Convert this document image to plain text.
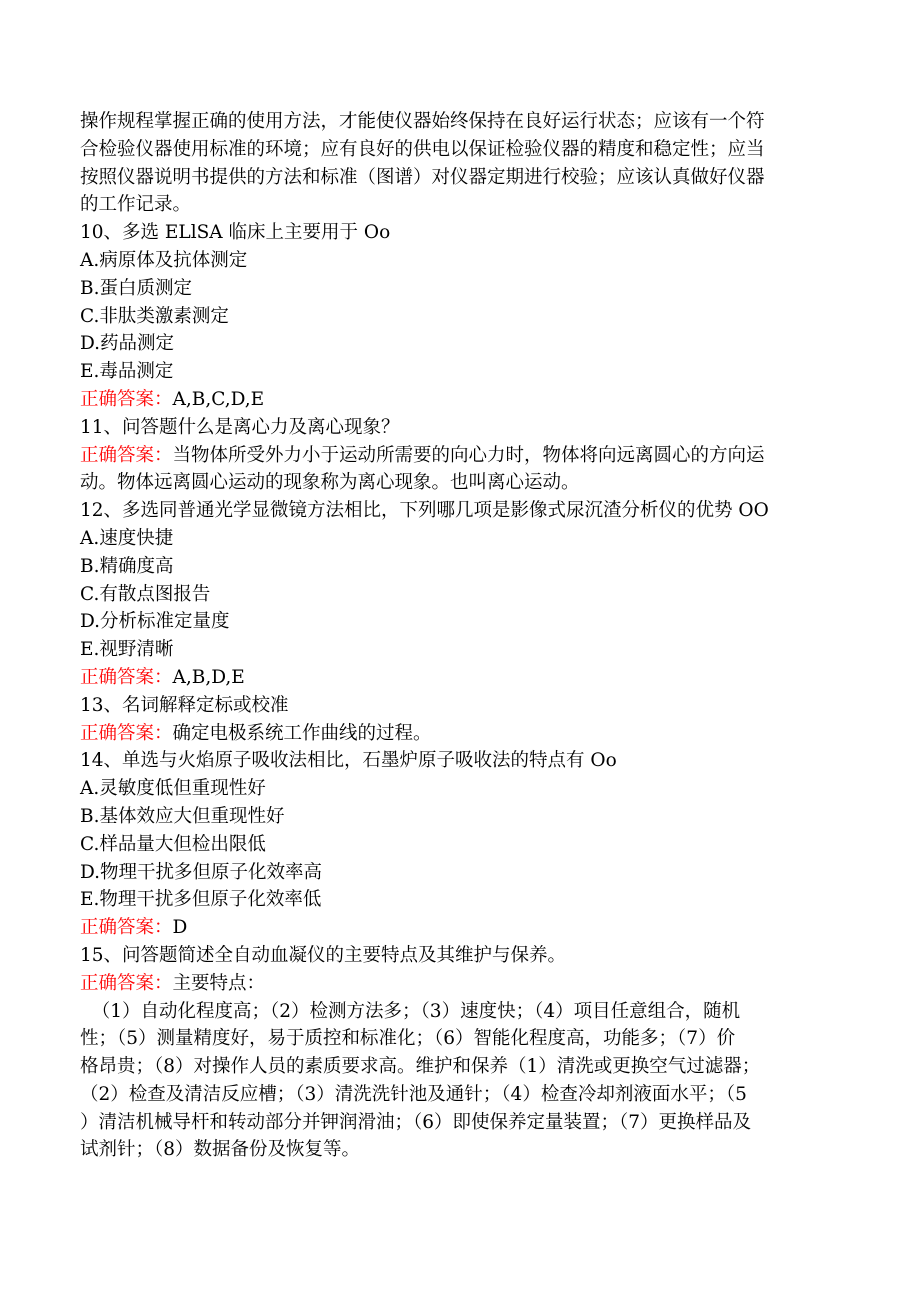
操作规程掌握正确的使用方法，才能使仪器始终保持在良好运行状态；应该有一个符
合检验仪器使用标准的环境；应有良好的供电以保证检验仪器的精度和稳定性；应当
按照仪器说明书提供的方法和标准（图谱）对仪器定期进行校验；应该认真做好仪器
的工作记录。
10、多选 ELlSA 临床上主要用于 Oo
A.病原体及抗体测定
B.蛋白质测定
C.非肽类激素测定
D.药品测定
E.毒品测定
正确答案：A,B,C,D,E
11、问答题什么是离心力及离心现象？
正确答案：当物体所受外力小于运动所需要的向心力时，物体将向远离圆心的方向运
动。物体远离圆心运动的现象称为离心现象。也叫离心运动。
12、多选同普通光学显微镜方法相比，下列哪几项是影像式尿沉渣分析仪的优势 OO
A.速度快捷
B.精确度高
C.有散点图报告
D.分析标准定量度
E.视野清晰
正确答案：A,B,D,E
13、名词解释定标或校准
正确答案：确定电极系统工作曲线的过程。
14、单选与火焰原子吸收法相比，石墨炉原子吸收法的特点有 Oo
A.灵敏度低但重现性好
B.基体效应大但重现性好
C.样品量大但检出限低
D.物理干扰多但原子化效率高
E.物理干扰多但原子化效率低
正确答案：D
15、问答题简述全自动血凝仪的主要特点及其维护与保养。
正确答案：主要特点：
（1）自动化程度高；（2）检测方法多；（3）速度快；（4）项目任意组合，随机
性；（5）测量精度好，易于质控和标准化；（6）智能化程度高，功能多；（7）价
格昂贵；（8）对操作人员的素质要求高。维护和保养（1）清洗或更换空气过滤器；
（2）检查及清洁反应槽；（3）清洗洗针池及通针；（4）检查冷却剂液面水平；（5
）清洁机械导杆和转动部分并钾润滑油；（6）即使保养定量装置；（7）更换样品及
试剂针；（8）数据备份及恢复等。
